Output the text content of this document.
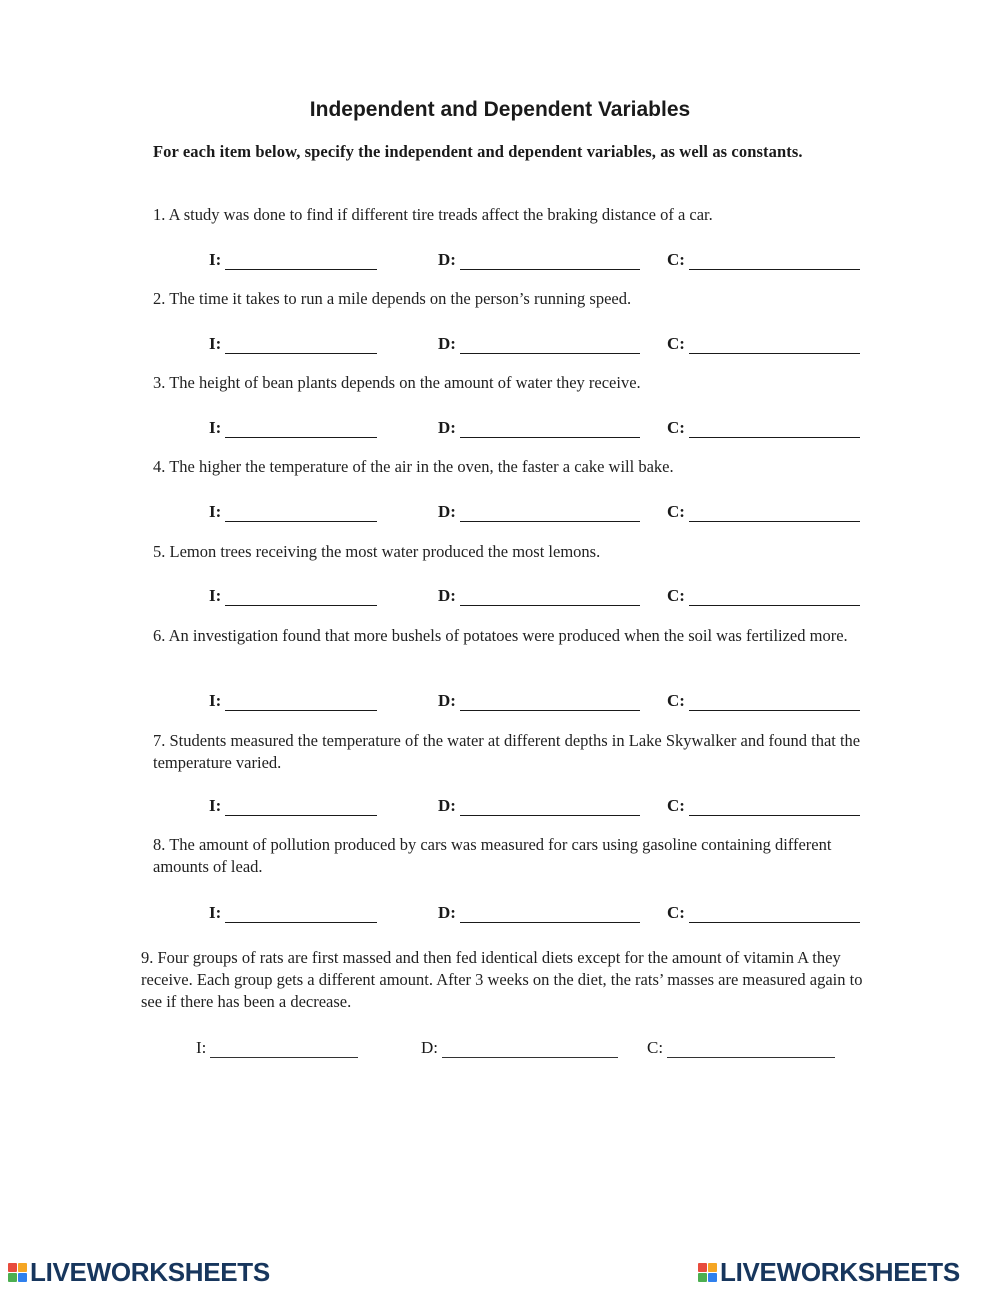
Independent and Dependent Variables
For each item below, specify the independent and dependent variables, as well as constants.
1. A study was done to find if different tire treads affect the braking distance of a car.
I:	D:	C:
2. The time it takes to run a mile depends on the person’s running speed.
I:	D:	C:
3. The height of bean plants depends on the amount of water they receive.
I:	D:	C:
4. The higher the temperature of the air in the oven, the faster a cake will bake.
I:	D:	C:
5. Lemon trees receiving the most water produced the most lemons.
I:	D:	C:
6. An investigation found that more bushels of potatoes were produced when the soil was fertilized more.
I:	D:	C:
7. Students measured the temperature of the water at different depths in Lake Skywalker and found that the temperature varied.
I:	D:	C:
8. The amount of pollution produced by cars was measured for cars using gasoline containing different amounts of lead.
I:	D:	C:
9. Four groups of rats are first massed and then fed identical diets except for the amount of vitamin A they receive. Each group gets a different amount. After 3 weeks on the diet, the rats’ masses are measured again to see if there has been a decrease.
I:	D:	C:
LIVEWORKSHEETS	LIVEWORKSHEETS
